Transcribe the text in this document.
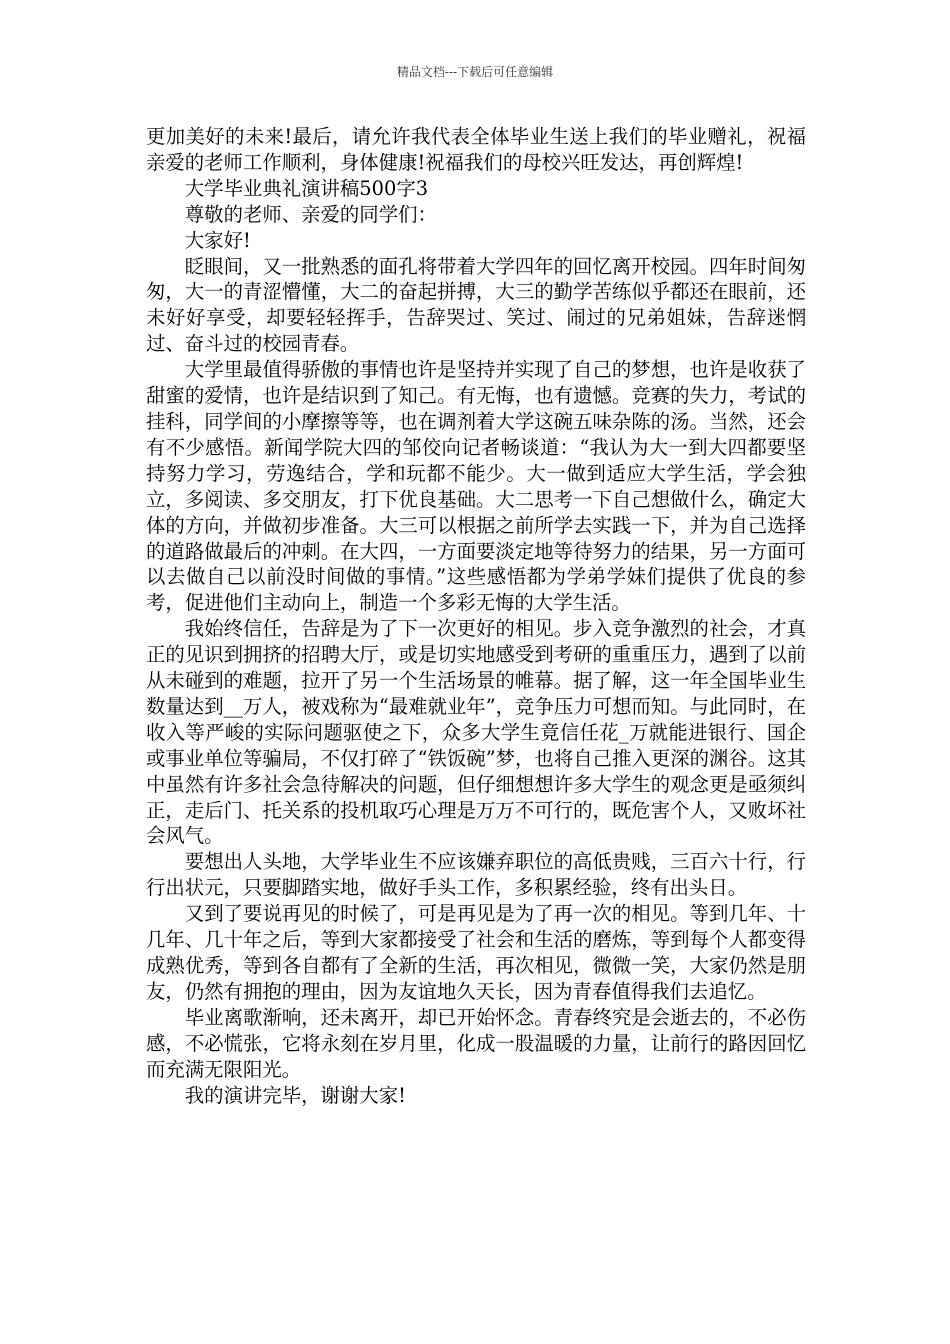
精品文档---下载后可任意编辑

更加美好的未来!最后，请允许我代表全体毕业生送上我们的毕业赠礼，祝福亲爱的老师工作顺利，身体健康!祝福我们的母校兴旺发达，再创辉煌!

大学毕业典礼演讲稿500字3

尊敬的老师、亲爱的同学们：

大家好!

眨眼间，又一批熟悉的面孔将带着大学四年的回忆离开校园。四年时间匆匆，大一的青涩懵懂，大二的奋起拼搏，大三的勤学苦练似乎都还在眼前，还未好好享受，却要轻轻挥手，告辞哭过、笑过、闹过的兄弟姐妹，告辞迷惘过、奋斗过的校园青春。

大学里最值得骄傲的事情也许是坚持并实现了自己的梦想，也许是收获了甜蜜的爱情，也许是结识到了知己。有无悔，也有遗憾。竞赛的失力，考试的挂科，同学间的小摩擦等等，也在调剂着大学这碗五味杂陈的汤。当然，还会有不少感悟。新闻学院大四的邹佼向记者畅谈道：“我认为大一到大四都要坚持努力学习，劳逸结合，学和玩都不能少。大一做到适应大学生活，学会独立，多阅读、多交朋友，打下优良基础。大二思考一下自己想做什么，确定大体的方向，并做初步准备。大三可以根据之前所学去实践一下，并为自己选择的道路做最后的冲刺。在大四，一方面要淡定地等待努力的结果，另一方面可以去做自己以前没时间做的事情。”这些感悟都为学弟学妹们提供了优良的参考，促进他们主动向上，制造一个多彩无悔的大学生活。

我始终信任，告辞是为了下一次更好的相见。步入竞争激烈的社会，才真正的见识到拥挤的招聘大厅，或是切实地感受到考研的重重压力，遇到了以前从未碰到的难题，拉开了另一个生活场景的帷幕。据了解，这一年全国毕业生数量达到__万人，被戏称为“最难就业年”，竞争压力可想而知。与此同时，在收入等严峻的实际问题驱使之下，众多大学生竟信任花_万就能进银行、国企或事业单位等骗局，不仅打碎了“铁饭碗”梦，也将自己推入更深的渊谷。这其中虽然有许多社会急待解决的问题，但仔细想想许多大学生的观念更是亟须纠正，走后门、托关系的投机取巧心理是万万不可行的，既危害个人，又败坏社会风气。

要想出人头地，大学毕业生不应该嫌弃职位的高低贵贱，三百六十行，行行出状元，只要脚踏实地，做好手头工作，多积累经验，终有出头日。

又到了要说再见的时候了，可是再见是为了再一次的相见。等到几年、十几年、几十年之后，等到大家都接受了社会和生活的磨炼，等到每个人都变得成熟优秀，等到各自都有了全新的生活，再次相见，微微一笑，大家仍然是朋友，仍然有拥抱的理由，因为友谊地久天长，因为青春值得我们去追忆。

毕业离歌渐响，还未离开，却已开始怀念。青春终究是会逝去的，不必伤感，不必慌张，它将永刻在岁月里，化成一股温暖的力量，让前行的路因回忆而充满无限阳光。

我的演讲完毕，谢谢大家!
